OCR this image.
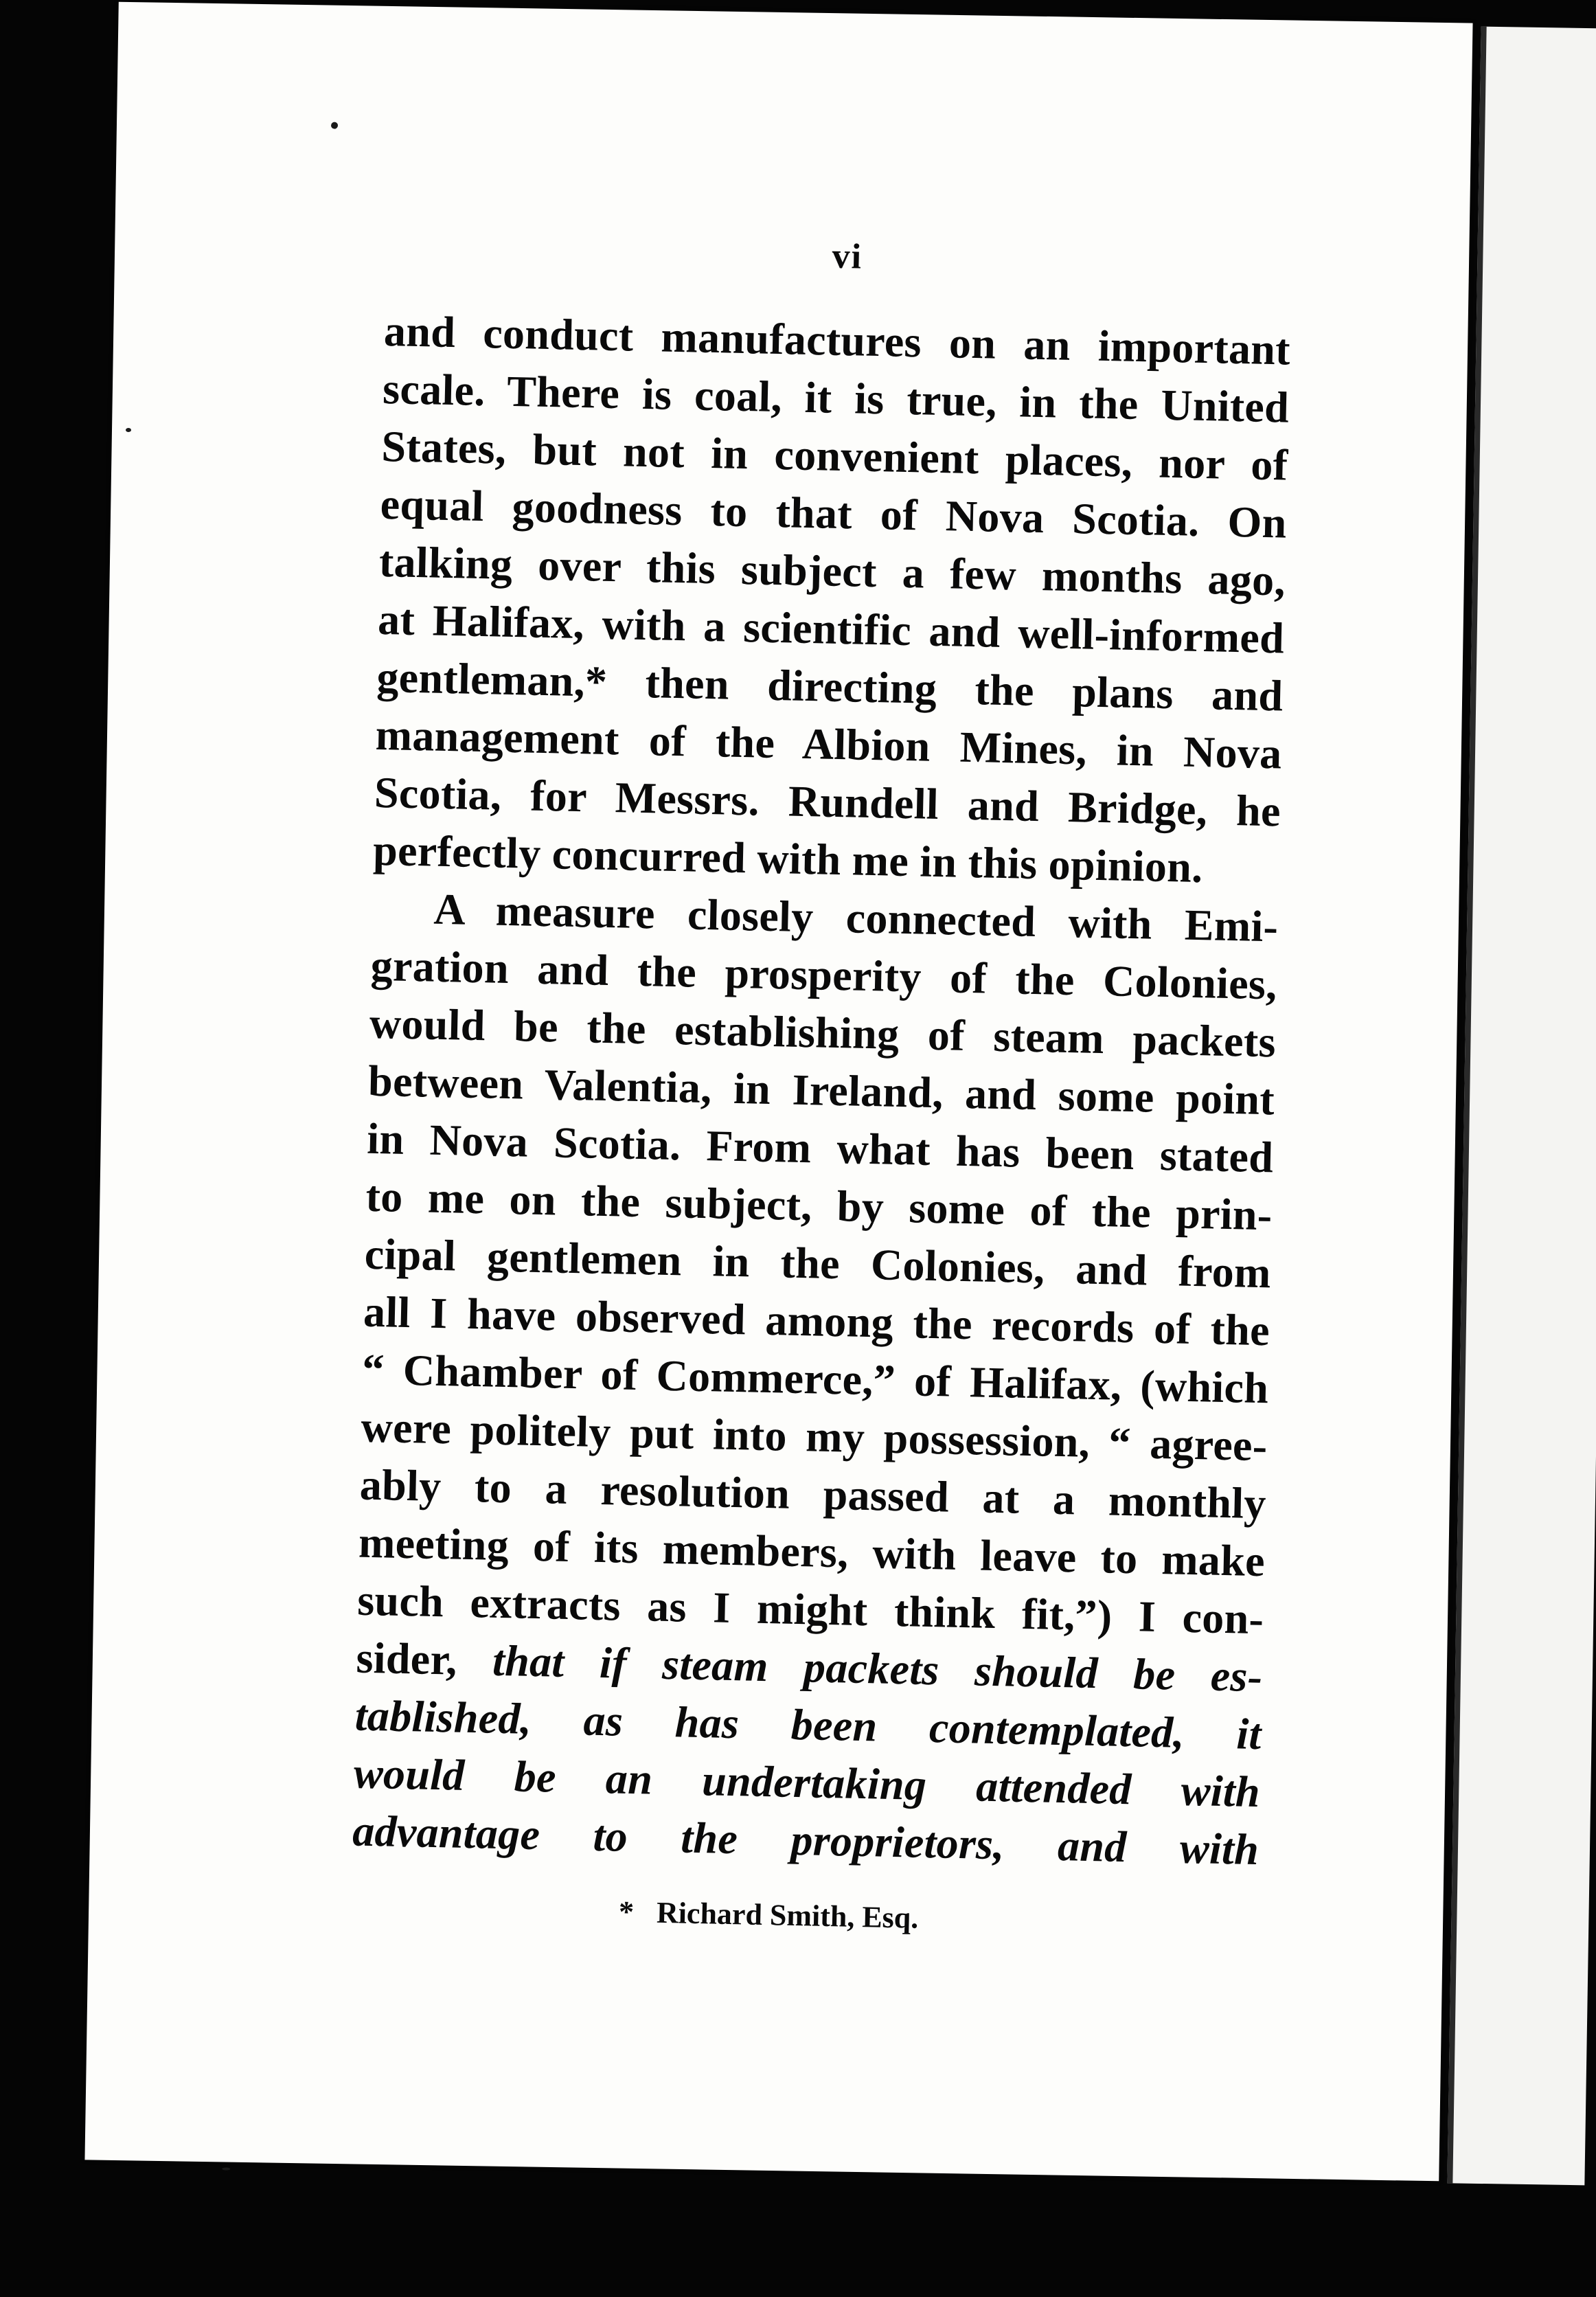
vi
and conduct manufactures on an important
scale. There is coal, it is true, in the United
States, but not in convenient places, nor of
equal goodness to that of Nova Scotia. On
talking over this subject a few months ago,
at Halifax, with a scientific and well-informed
gentleman,* then directing the plans and
management of the Albion Mines, in Nova
Scotia, for Messrs. Rundell and Bridge, he
perfectly concurred with me in this opinion.
A measure closely connected with Emi-
gration and the prosperity of the Colonies,
would be the establishing of steam packets
between Valentia, in Ireland, and some point
in Nova Scotia. From what has been stated
to me on the subject, by some of the prin-
cipal gentlemen in the Colonies, and from
all I have observed among the records of the
“ Chamber of Commerce,” of Halifax, (which
were politely put into my possession, “ agree-
ably to a resolution passed at a monthly
meeting of its members, with leave to make
such extracts as I might think fit,”) I con-
sider, that if steam packets should be es-
tablished, as has been contemplated, it
would be an undertaking attended with
advantage to the proprietors, and with
* Richard Smith, Esq.
